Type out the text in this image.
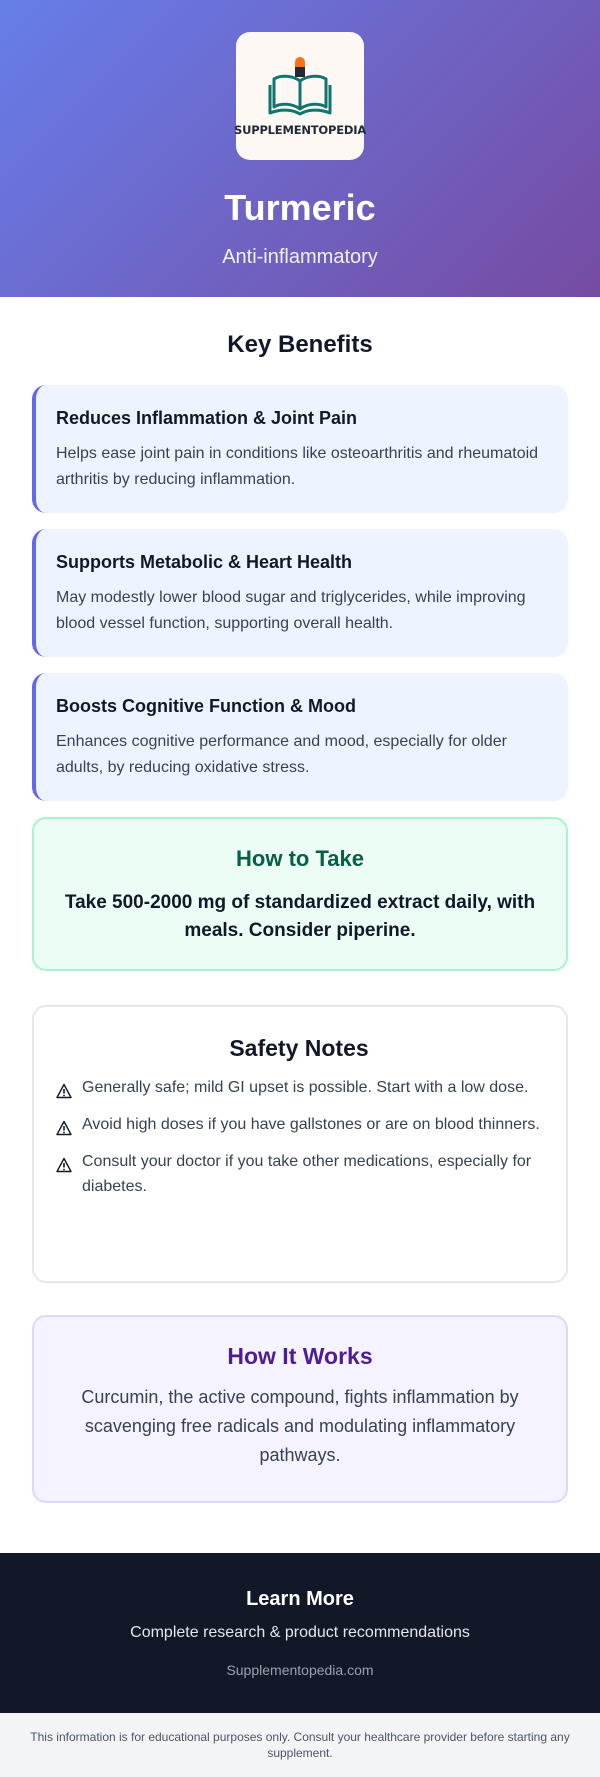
SUPPLEMENTOPEDIA
Turmeric
Anti-inflammatory
Key Benefits
Reduces Inflammation & Joint Pain
Helps ease joint pain in conditions like osteoarthritis and rheumatoid arthritis by reducing inflammation.
Supports Metabolic & Heart Health
May modestly lower blood sugar and triglycerides, while improving blood vessel function, supporting overall health.
Boosts Cognitive Function & Mood
Enhances cognitive performance and mood, especially for older adults, by reducing oxidative stress.
How to Take
Take 500-2000 mg of standardized extract daily, with meals. Consider piperine.
Safety Notes
Generally safe; mild GI upset is possible. Start with a low dose.
Avoid high doses if you have gallstones or are on blood thinners.
Consult your doctor if you take other medications, especially for diabetes.
How It Works
Curcumin, the active compound, fights inflammation by scavenging free radicals and modulating inflammatory pathways.
Learn More
Complete research & product recommendations
Supplementopedia.com
This information is for educational purposes only. Consult your healthcare provider before starting any supplement.
